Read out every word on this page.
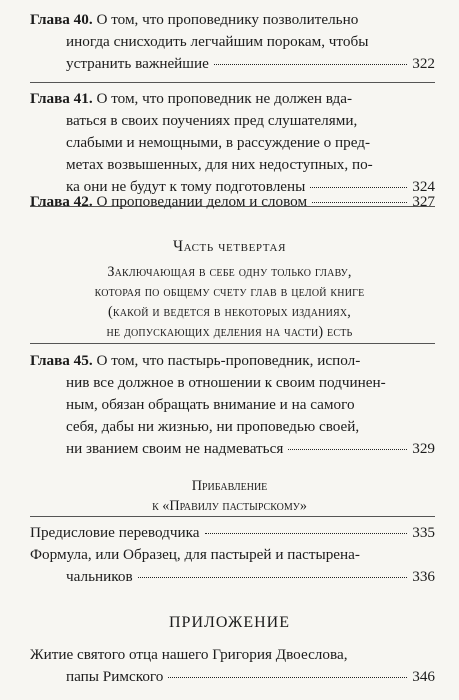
Глава 40. О том, что проповеднику позволительно
иногда снисходить легчайшим порокам, чтобы
устранить важнейшие	322
Глава 41. О том, что проповедник не должен вда-
ваться в своих поучениях пред слушателями,
слабыми и немощными, в рассуждение о пред-
метах возвышенных, для них недоступных, по-
ка они не будут к тому подготовлены	324
Глава 42. О проповедании делом и словом	327
Часть четвертая
Заключающая в себе одну только главу,
которая по общему счету глав в целой книге
(какой и ведется в некоторых изданиях,
не допускающих деления на части) есть
Глава 45. О том, что пастырь-проповедник, испол-
нив все должное в отношении к своим подчинен-
ным, обязан обращать внимание и на самого
себя, дабы ни жизнью, ни проповедью своей,
ни званием своим не надмеваться	329
Прибавление
к «Правилу пастырскому»
Предисловие переводчика	335
Формула, или Образец, для пастырей и пастырена-
чальников	336
ПРИЛОЖЕНИЕ
Житие святого отца нашего Григория Двоеслова,
папы Римского	346
